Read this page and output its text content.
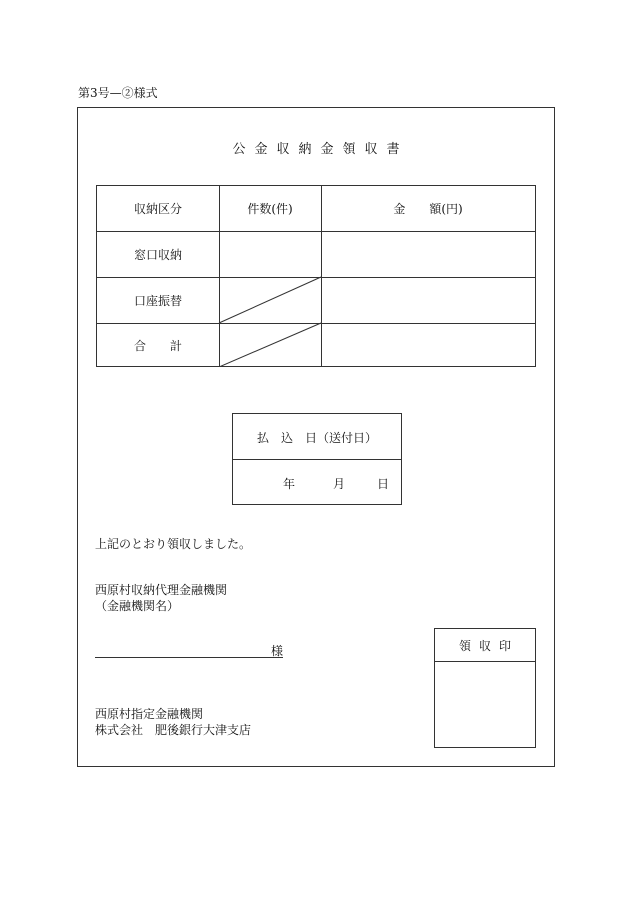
第3号—②様式
公金収納金領収書
収納区分	件数(件)	金　　額(円)
窓口収納
口座振替
合　　計
払　込　日（送付日）
年	月	日
上記のとおり領収しました。
西原村収納代理金融機関
（金融機関名）
様
西原村指定金融機関
株式会社　肥後銀行大津支店
領収印
